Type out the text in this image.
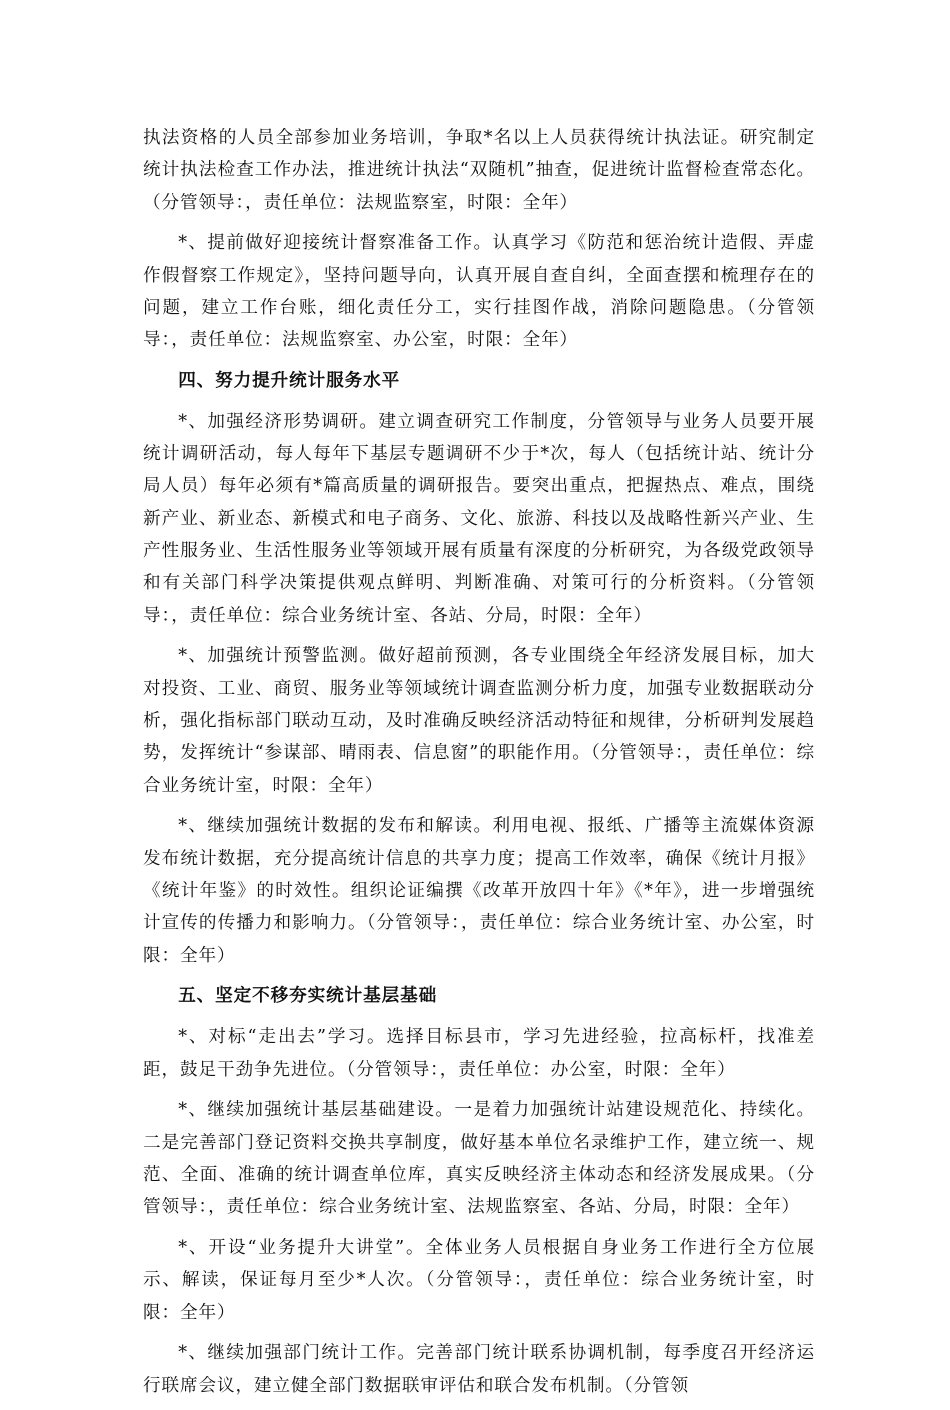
执法资格的人员全部参加业务培训，争取*名以上人员获得统计执法证。研究制定统计执法检查工作办法，推进统计执法“双随机”抽查，促进统计监督检查常态化。（分管领导：，责任单位：法规监察室，时限：全年）

*、提前做好迎接统计督察准备工作。认真学习《防范和惩治统计造假、弄虚作假督察工作规定》，坚持问题导向，认真开展自查自纠，全面查摆和梳理存在的问题，建立工作台账，细化责任分工，实行挂图作战，消除问题隐患。（分管领导：，责任单位：法规监察室、办公室，时限：全年）

四、努力提升统计服务水平

*、加强经济形势调研。建立调查研究工作制度，分管领导与业务人员要开展统计调研活动，每人每年下基层专题调研不少于*次，每人（包括统计站、统计分局人员）每年必须有*篇高质量的调研报告。要突出重点，把握热点、难点，围绕新产业、新业态、新模式和电子商务、文化、旅游、科技以及战略性新兴产业、生产性服务业、生活性服务业等领域开展有质量有深度的分析研究，为各级党政领导和有关部门科学决策提供观点鲜明、判断准确、对策可行的分析资料。（分管领导：，责任单位：综合业务统计室、各站、分局，时限：全年）

*、加强统计预警监测。做好超前预测，各专业围绕全年经济发展目标，加大对投资、工业、商贸、服务业等领域统计调查监测分析力度，加强专业数据联动分析，强化指标部门联动互动，及时准确反映经济活动特征和规律，分析研判发展趋势，发挥统计“参谋部、晴雨表、信息窗”的职能作用。（分管领导：，责任单位：综合业务统计室，时限：全年）

*、继续加强统计数据的发布和解读。利用电视、报纸、广播等主流媒体资源发布统计数据，充分提高统计信息的共享力度；提高工作效率，确保《统计月报》《统计年鉴》的时效性。组织论证编撰《改革开放四十年》《*年》，进一步增强统计宣传的传播力和影响力。（分管领导：，责任单位：综合业务统计室、办公室，时限：全年）

五、坚定不移夯实统计基层基础

*、对标“走出去”学习。选择目标县市，学习先进经验，拉高标杆，找准差距，鼓足干劲争先进位。（分管领导：，责任单位：办公室，时限：全年）

*、继续加强统计基层基础建设。一是着力加强统计站建设规范化、持续化。二是完善部门登记资料交换共享制度，做好基本单位名录维护工作，建立统一、规范、全面、准确的统计调查单位库，真实反映经济主体动态和经济发展成果。（分管领导：，责任单位：综合业务统计室、法规监察室、各站、分局，时限：全年）

*、开设“业务提升大讲堂”。全体业务人员根据自身业务工作进行全方位展示、解读，保证每月至少*人次。（分管领导：，责任单位：综合业务统计室，时限：全年）

*、继续加强部门统计工作。完善部门统计联系协调机制，每季度召开经济运行联席会议，建立健全部门数据联审评估和联合发布机制。（分管领
